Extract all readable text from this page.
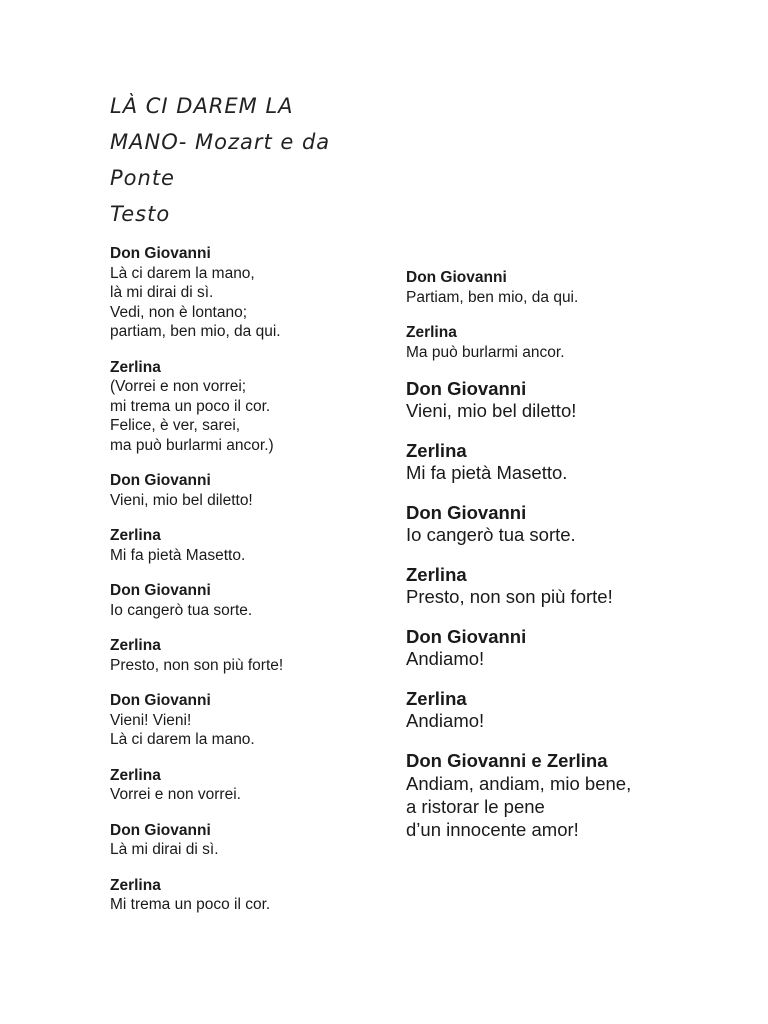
LÀ CI DAREM LA
MANO- Mozart e da
Ponte
Testo
Don Giovanni
Là ci darem la mano,
là mi dirai di sì.
Vedi, non è lontano;
partiam, ben mio, da qui.
Zerlina
(Vorrei e non vorrei;
mi trema un poco il cor.
Felice, è ver, sarei,
ma può burlarmi ancor.)
Don Giovanni
Vieni, mio bel diletto!
Zerlina
Mi fa pietà Masetto.
Don Giovanni
Io cangerò tua sorte.
Zerlina
Presto, non son più forte!
Don Giovanni
Vieni! Vieni!
Là ci darem la mano.
Zerlina
Vorrei e non vorrei.
Don Giovanni
Là mi dirai di sì.
Zerlina
Mi trema un poco il cor.
Don Giovanni
Partiam, ben mio, da qui.
Zerlina
Ma può burlarmi ancor.
Don Giovanni
Vieni, mio bel diletto!
Zerlina
Mi fa pietà Masetto.
Don Giovanni
Io cangerò tua sorte.
Zerlina
Presto, non son più forte!
Don Giovanni
Andiamo!
Zerlina
Andiamo!
Don Giovanni e Zerlina
Andiam, andiam, mio bene,
a ristorar le pene
d’un innocente amor!
